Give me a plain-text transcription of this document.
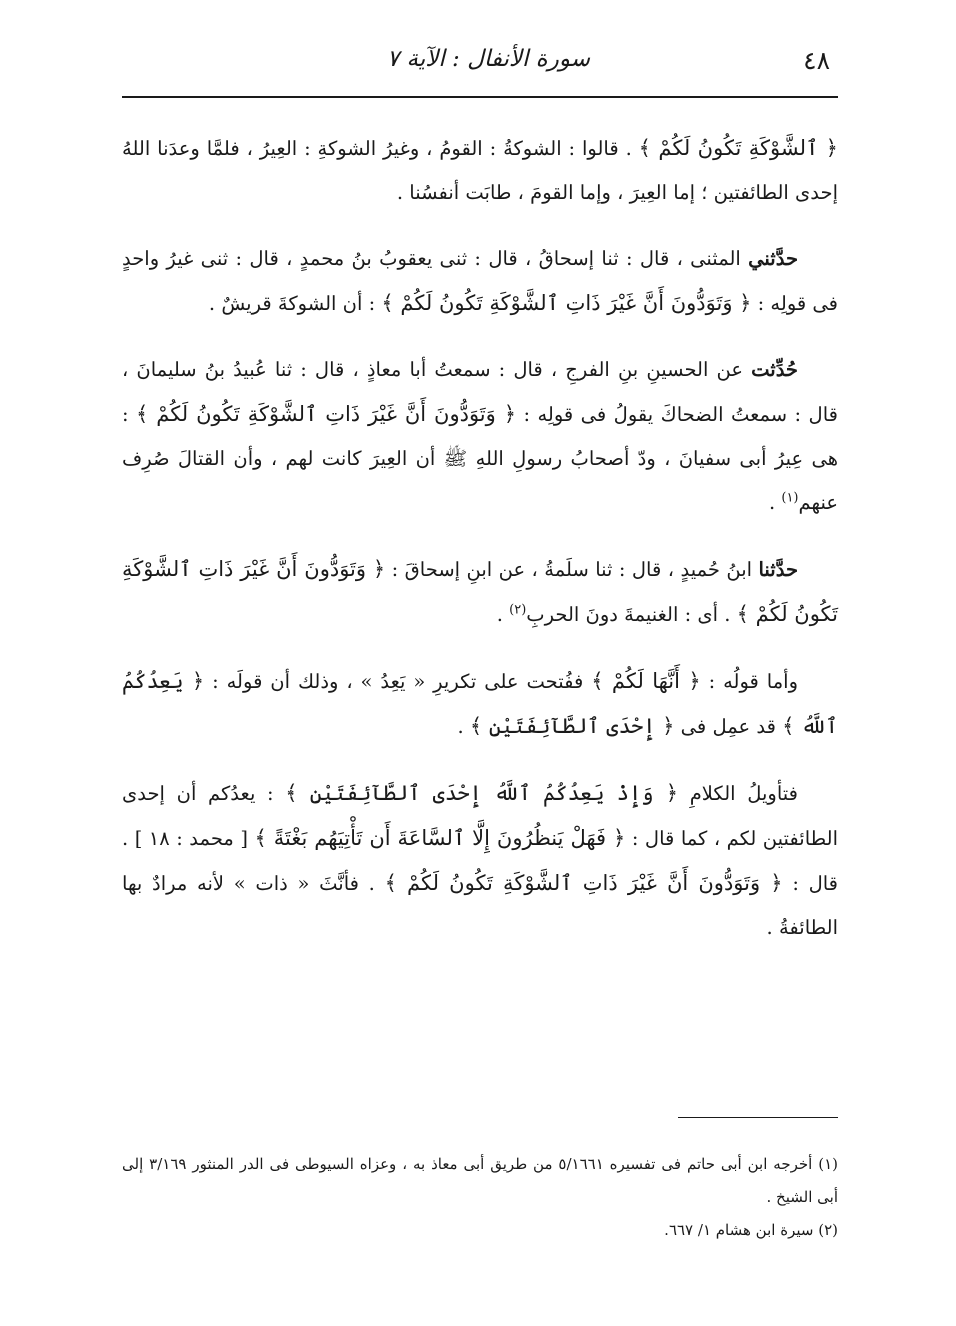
٤٨
سورة الأنفال : الآية ٧

﴿ ٱلشَّوْكَةِ تَكُونُ لَكُمْ ﴾ . قالوا : الشوكةُ : القومُ ، وغيرُ الشوكةِ : العِيرُ ، فلمَّا وعدَنا اللهُ إحدى الطائفتين ؛ إما العِيرَ ، وإما القومَ ، طابَت أنفسُنا .

حدَّثني المثنى ، قال : ثنا إسحاقُ ، قال : ثنى يعقوبُ بنُ محمدٍ ، قال : ثنى غيرُ واحدٍ فى قولِه : ﴿ وَتَوَدُّونَ أَنَّ غَيْرَ ذَاتِ ٱلشَّوْكَةِ تَكُونُ لَكُمْ ﴾ : أن الشوكةَ قريشٌ .

حُدِّثت عن الحسينِ بنِ الفرجِ ، قال : سمعتُ أبا معاذٍ ، قال : ثنا عُبيدُ بنُ سليمانَ ، قال : سمعتُ الضحاكَ يقولُ فى قولِه : ﴿ وَتَوَدُّونَ أَنَّ غَيْرَ ذَاتِ ٱلشَّوْكَةِ تَكُونُ لَكُمْ ﴾ : هى عِيرُ أبى سفيانَ ، ودّ أصحابُ رسولِ اللهِ ﷺ أن العِيرَ كانت لهم ، وأن القتالَ صُرِف عنهم$^{(١)}$ .

حدَّثنا ابنُ حُميدٍ ، قال : ثنا سلَمةُ ، عن ابنِ إسحاقَ : ﴿ وَتَوَدُّونَ أَنَّ غَيْرَ ذَاتِ ٱلشَّوْكَةِ تَكُونُ لَكُمْ ﴾ . أى : الغنيمةَ دونَ الحربِ$^{(٢)}$ .

وأما قولُه : ﴿ أَنَّهَا لَكُمْ ﴾ ففُتحت على تكريرِ « يَعِدُ » ، وذلك أن قولَه : ﴿ يَعِدُكُمُ ٱللَّهُ ﴾ قد عمِل فى ﴿ إِحْدَى ٱلطَّآئِفَتَيْنِ ﴾ .

فتأويلُ الكلامِ ﴿ وَإِذْ يَعِدُكُمُ ٱللَّهُ إِحْدَى ٱلطَّآئِفَتَيْنِ ﴾ : يعدُكم أن إحدى الطائفتين لكم ، كما قال : ﴿ فَهَلْ يَنظُرُونَ إِلَّا ٱلسَّاعَةَ أَن تَأْتِيَهُم بَغْتَةً ﴾ [ محمد : ١٨ ] . قال : ﴿ وَتَوَدُّونَ أَنَّ غَيْرَ ذَاتِ ٱلشَّوْكَةِ تَكُونُ لَكُمْ ﴾ . فأنَّثَ « ذات » لأنه مرادٌ بها الطائفةُ .

(١) أخرجه ابن أبى حاتم فى تفسيره ٥/١٦٦١ من طريق أبى معاذ به ، وعزاه السيوطى فى الدر المنثور ٣/١٦٩ إلى أبى الشيخ .

(٢) سيرة ابن هشام ١/ ٦٦٧.
